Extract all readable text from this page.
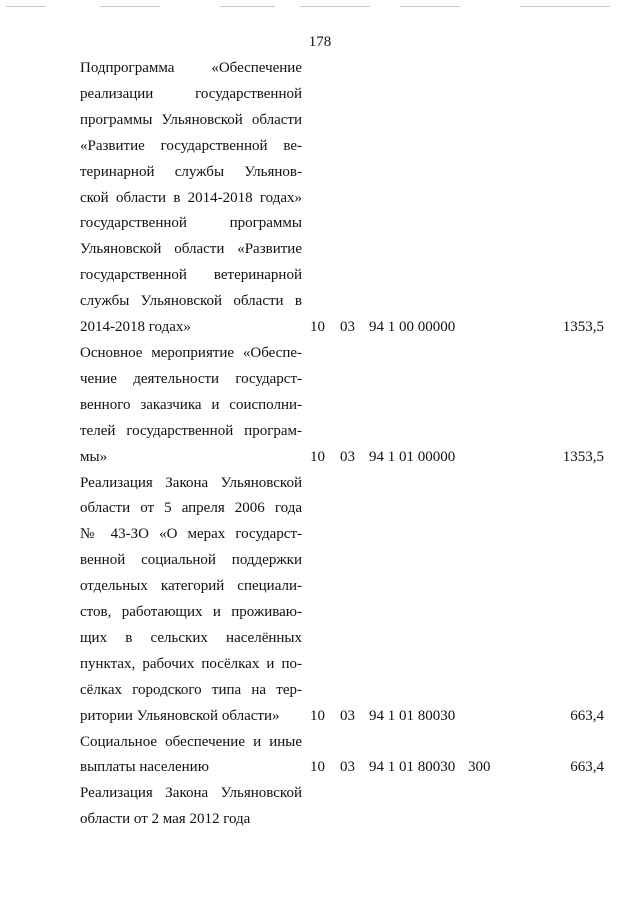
178
Подпрограмма «Обеспечение
реализации государственной
программы Ульяновской области
«Развитие государственной ве-
теринарной службы Ульянов-
ской области в 2014-2018 годах»
государственной программы
Ульяновской области «Развитие
государственной ветеринарной
службы Ульяновской области в
2014-2018 годах»	10 03 94 1 00 00000	1353,5
Основное мероприятие «Обеспе-
чение деятельности государст-
венного заказчика и соисполни-
телей государственной програм-
мы»	10 03 94 1 01 00000	1353,5
Реализация Закона Ульяновской
области от 5 апреля 2006 года
№ 43-ЗО «О мерах государст-
венной социальной поддержки
отдельных категорий специали-
стов, работающих и проживаю-
щих в сельских населённых
пунктах, рабочих посёлках и по-
сёлках городского типа на тер-
ритории Ульяновской области»	10 03 94 1 01 80030	663,4
Социальное обеспечение и иные
выплаты населению	10 03 94 1 01 80030 300	663,4
Реализация Закона Ульяновской
области от 2 мая 2012 года
